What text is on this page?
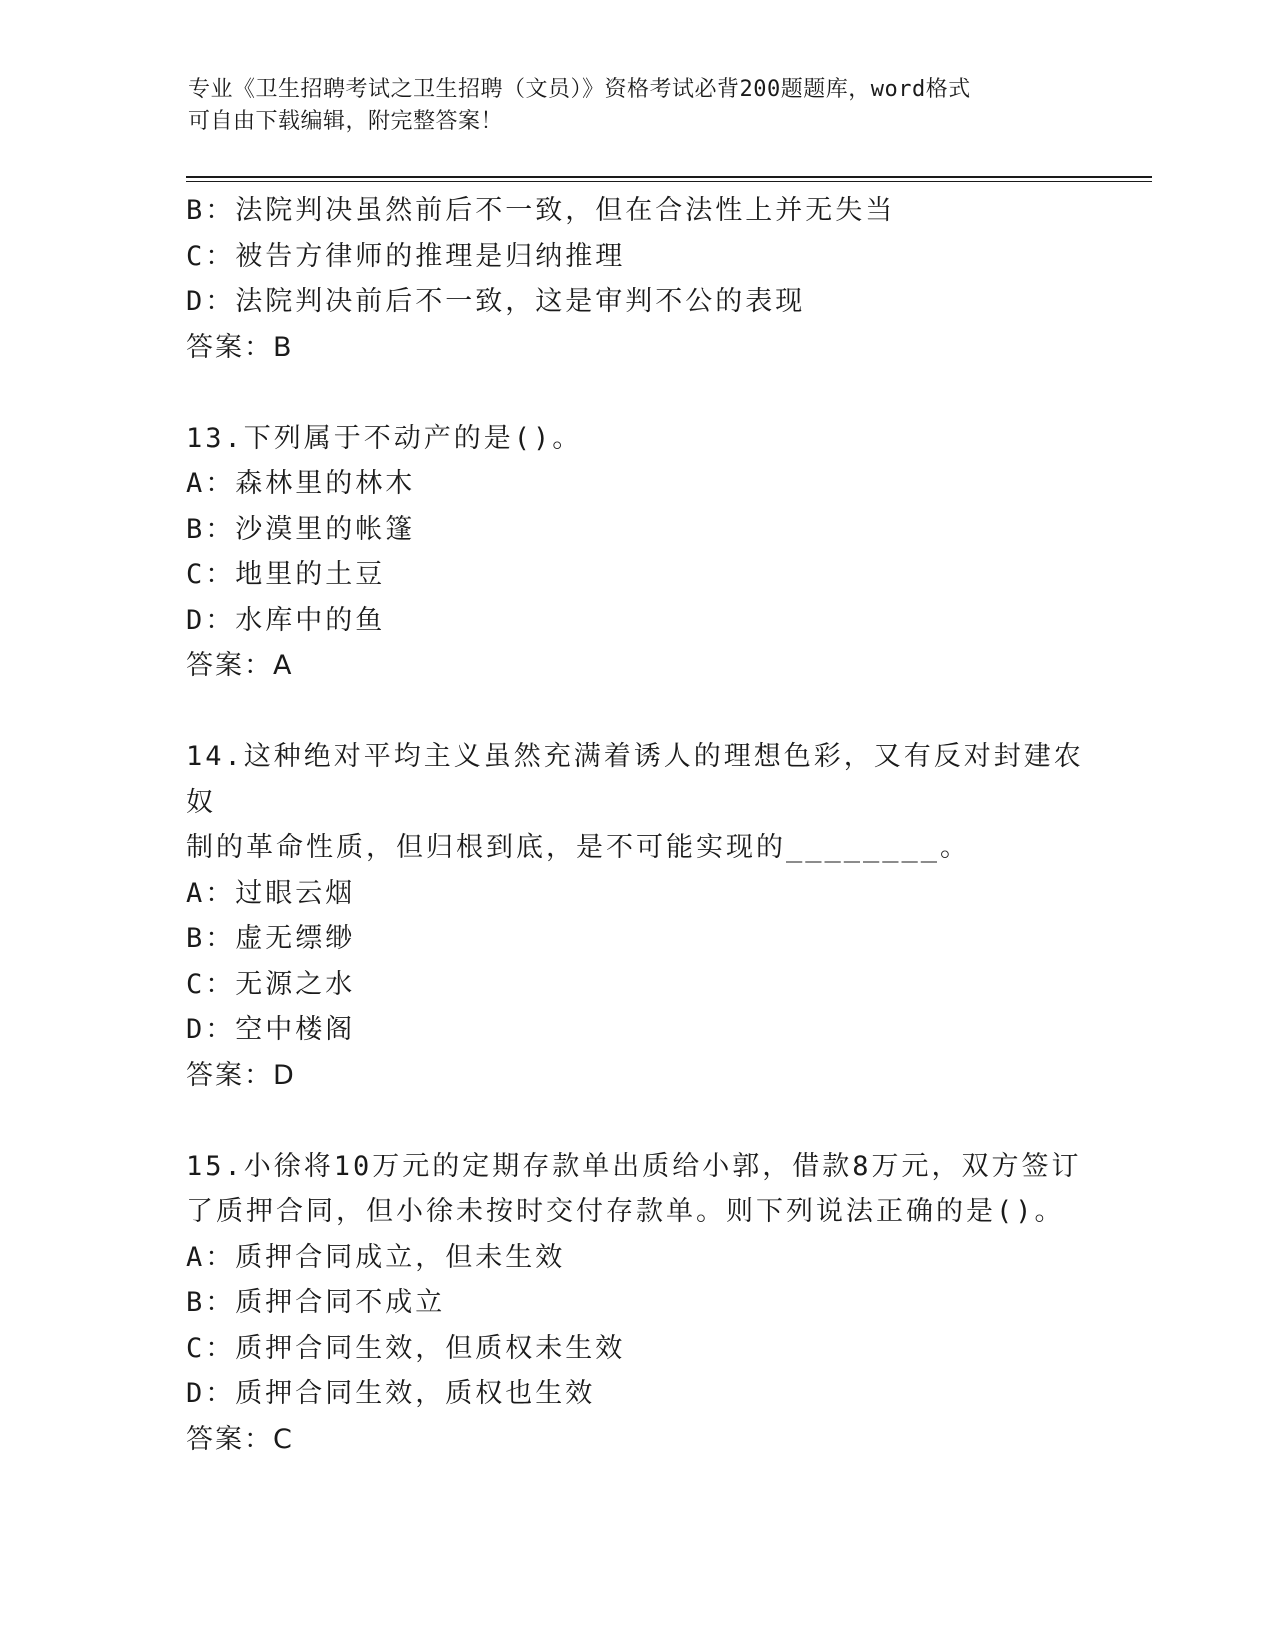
专业《卫生招聘考试之卫生招聘（文员）》资格考试必背200题题库，word格式
可自由下载编辑，附完整答案！
B：法院判决虽然前后不一致，但在合法性上并无失当
C：被告方律师的推理是归纳推理
D：法院判决前后不一致，这是审判不公的表现
答案：B
13.下列属于不动产的是()。
A：森林里的林木
B：沙漠里的帐篷
C：地里的土豆
D：水库中的鱼
答案：A
14.这种绝对平均主义虽然充满着诱人的理想色彩，又有反对封建农奴
制的革命性质，但归根到底，是不可能实现的________。
A：过眼云烟
B：虚无缥缈
C：无源之水
D：空中楼阁
答案：D
15.小徐将10万元的定期存款单出质给小郭，借款8万元，双方签订
了质押合同，但小徐未按时交付存款单。则下列说法正确的是()。
A：质押合同成立，但未生效
B：质押合同不成立
C：质押合同生效，但质权未生效
D：质押合同生效，质权也生效
答案：C
